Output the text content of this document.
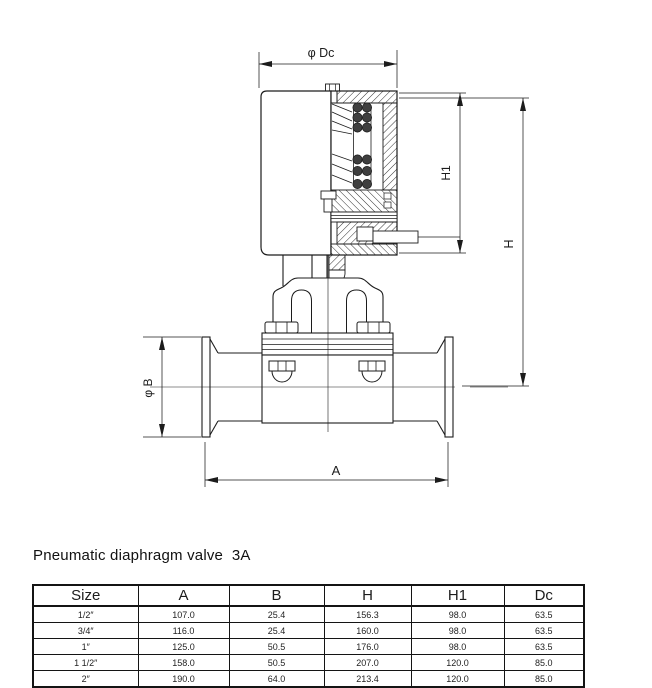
φ Dc
H1
H
φ B
A
Pneumatic diaphragm valve  3A
Size	A	B	H	H1	Dc
1/2″	107.0	25.4	156.3	98.0	63.5
3/4″	116.0	25.4	160.0	98.0	63.5
1″	125.0	50.5	176.0	98.0	63.5
1 1/2″	158.0	50.5	207.0	120.0	85.0
2″	190.0	64.0	213.4	120.0	85.0
